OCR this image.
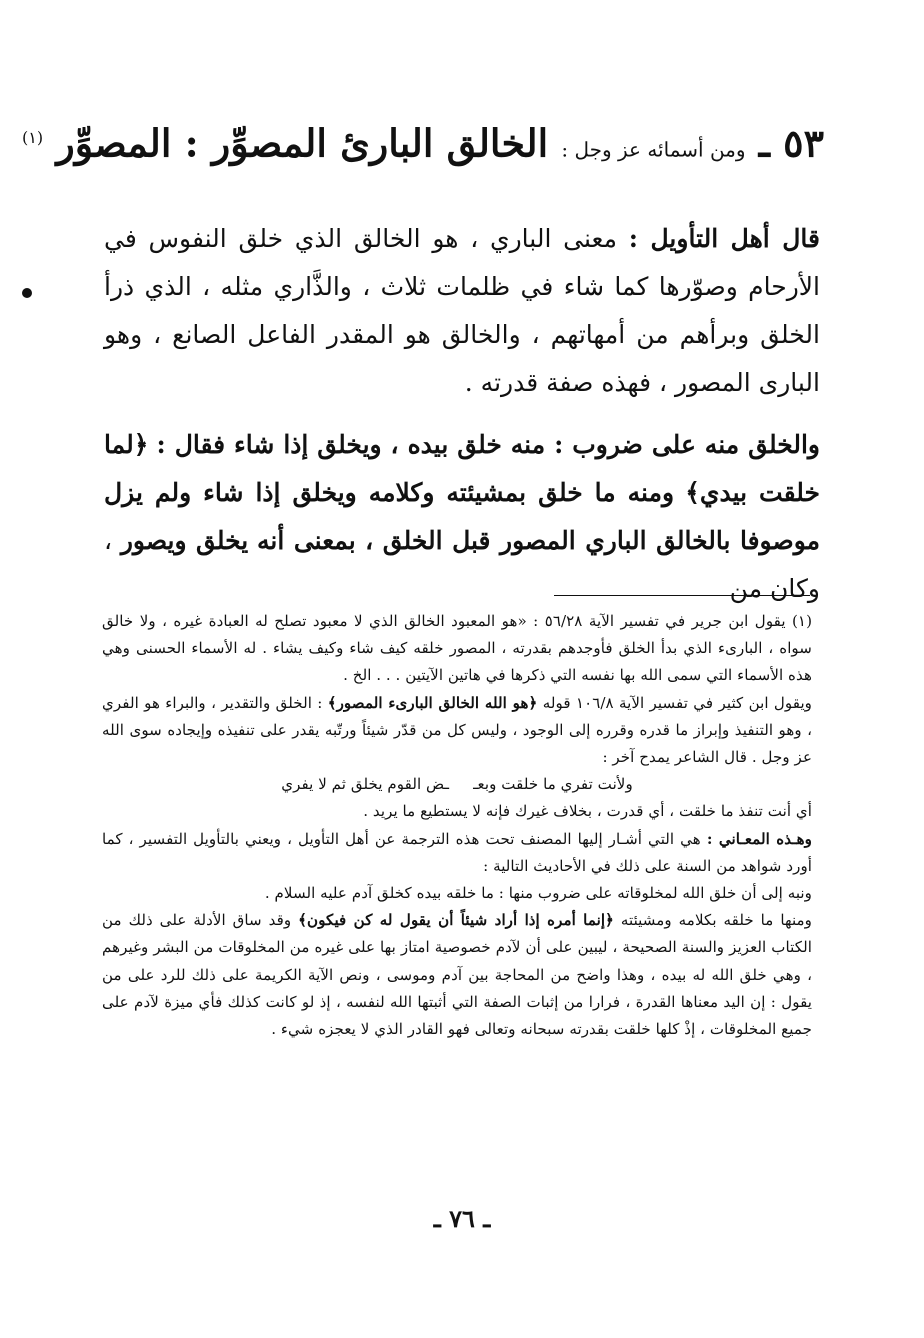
٥٣ ـ ومن أسمائه عز وجل : الخالق البارئ المصوِّر : المصوِّر $^{(١)}$

قال أهل التأويل : معنى الباري ، هو الخالق الذي خلق النفوس في الأرحام وصوّرها كما شاء في ظلمات ثلاث ، والذَّاري مثله ، الذي ذرأ الخلق وبرأهم من أمهاتهم ، والخالق هو المقدر الفاعل الصانع ، وهو البارى المصور ، فهذه صفة قدرته .

والخلق منه على ضروب : منه خلق بيده ، ويخلق إذا شاء فقال : ﴿لما خلقت بيدي﴾ ومنه ما خلق بمشيئته وكلامه ويخلق إذا شاء ولم يزل موصوفا بالخالق الباري المصور قبل الخلق ، بمعنى أنه يخلق ويصور ، وكان من

(١) يقول ابن جرير في تفسير الآية ٥٦/٢٨ : «هو المعبود الخالق الذي لا معبود تصلح له العبادة غيره ، ولا خالق سواه ، البارىء الذي بدأ الخلق فأوجدهم بقدرته ، المصور خلقه كيف شاء وكيف يشاء . له الأسماء الحسنى وهي هذه الأسماء التي سمى الله بها نفسه التي ذكرها في هاتين الآيتين . . . الخ .

ويقول ابن كثير في تفسير الآية ١٠٦/٨ قوله ﴿هو الله الخالق البارىء المصور﴾ : الخلق والتقدير ، والبراء هو الفري ، وهو التنفيذ وإبراز ما قدره وقرره إلى الوجود ، وليس كل من قدّر شيئاً ورتّبه يقدر على تنفيذه وإيجاده سوى الله عز وجل . قال الشاعر يمدح آخر :

ولأنت تفري ما خلقت وبعـ
ـض القوم يخلق ثم لا يفري

أي أنت تنفذ ما خلقت ، أي قدرت ، بخلاف غيرك فإنه لا يستطيع ما يريد .

وهـذه المعـاني : هي التي أشـار إليها المصنف تحت هذه الترجمة عن أهل التأويل ، ويعني بالتأويل التفسير ، كما أورد شواهد من السنة على ذلك في الأحاديث التالية :

ونبه إلى أن خلق الله لمخلوقاته على ضروب منها : ما خلقه بيده كخلق آدم عليه السلام .

ومنها ما خلقه بكلامه ومشيئته ﴿إنما أمره إذا أراد شيئاً أن يقول له كن فيكون﴾ وقد ساق الأدلة على ذلك من الكتاب العزيز والسنة الصحيحة ، ليبين على أن لآدم خصوصية امتاز بها على غيره من المخلوقات من البشر وغيرهم ، وهي خلق الله له بيده ، وهذا واضح من المحاجة بين آدم وموسى ، ونص الآية الكريمة على ذلك للرد على من يقول : إن اليد معناها القدرة ، فرارا من إثبات الصفة التي أثبتها الله لنفسه ، إذ لو كانت كذلك فأي ميزة لآدم على جميع المخلوقات ، إذْ كلها خلقت بقدرته سبحانه وتعالى فهو القادر الذي لا يعجزه شيء .

ـ ٧٦ ـ
